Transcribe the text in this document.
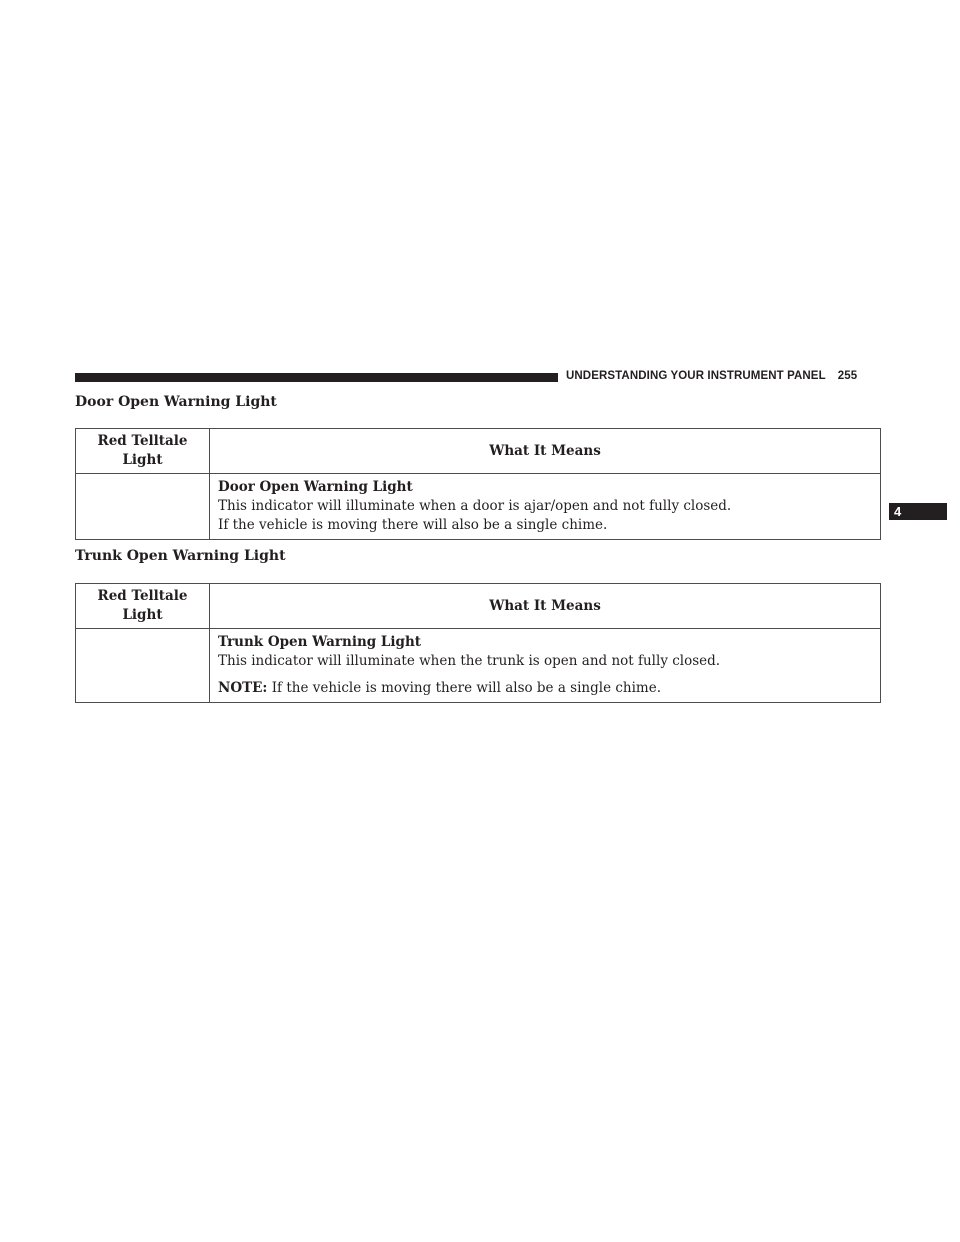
UNDERSTANDING YOUR INSTRUMENT PANEL 255
4
Door Open Warning Light
Red Telltale
Light	What It Means

	Door Open Warning Light
This indicator will illuminate when a door is ajar/open and not fully closed.
If the vehicle is moving there will also be a single chime.
Trunk Open Warning Light
Red Telltale
Light	What It Means

	Trunk Open Warning Light
This indicator will illuminate when the trunk is open and not fully closed.
NOTE: If the vehicle is moving there will also be a single chime.
